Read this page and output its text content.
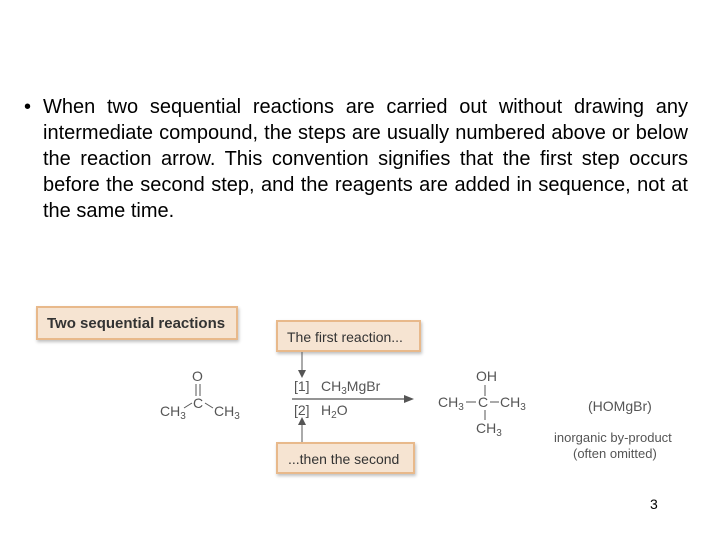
• When two sequential reactions are carried out without drawing any intermediate compound, the steps are usually numbered above or below the reaction arrow. This convention signifies that the first step occurs before the second step, and the reagents are added in sequence, not at the same time.
Two sequential reactions
The first reaction...
...then the second
O
C
$CH_3$ $CH_3$
[1] $CH_3MgBr$
[2] $H_2O$
OH
$CH_3$ C $CH_3$
$CH_3$
(HOMgBr)
inorganic by-product
(often omitted)
3
